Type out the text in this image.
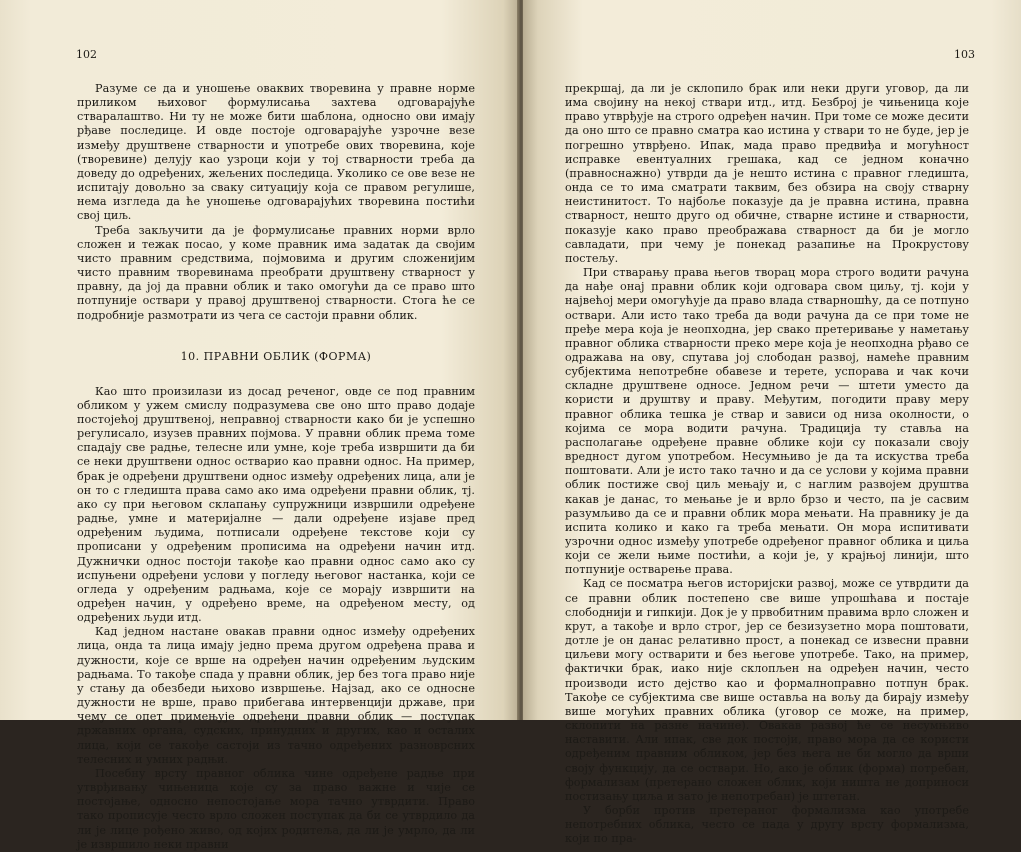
102

Разуме се да и уношење оваквих творевина у правне норме приликом њиховог формулисања захтева одговарајуће стваралаштво. Ни ту не може бити шаблона, односно ови имају рђаве последице. И овде постоје одговарајуће узрочне везе између друштвене стварности и употребе ових творевина, које (творевине) делују као узроци који у тој стварности треба да доведу до одређених, жељених последица. Уколико се ове везе не испитају довољно за сваку ситуацију која се правом регулише, нема изгледа да ће уношење одговарајућих творевина постићи свој циљ.

Треба закључити да је формулисање правних норми врло сложен и тежак посао, у коме правник има задатак да својим чисто правним средствима, појмовима и другим сложенијим чисто правним творевинама преобрати друштвену стварност у правну, да јој да правни облик и тако омогући да се право што потпуније оствари у правој друштвеној стварности. Стога ће се подробније размотрати из чега се састоји правни облик.

10. ПРАВНИ ОБЛИК (ФОРМА)

Као што произилази из досад реченог, овде се под правним обликом у ужем смислу подразумева све оно што право додаје постојећој друштвеној, неправној стварности како би је успешно регулисало, изузев правних појмова. У правни облик према томе спадају све радње, телесне или умне, које треба извршити да би се неки друштвени однос остварио као правни однос. На пример, брак је одређени друштвени однос између одређених лица, али је он то с гледишта права само ако има одређени правни облик, тј. ако су при његовом склапању супружници извршили одређене радње, умне и материјалне — дали одређене изјаве пред одређеним људима, потписали одређене текстове који су прописани у одређеним прописима на одређени начин итд. Дужнички однос постоји такође као правни однос само ако су испуњени одређени услови у погледу његовог настанка, који се огледа у одређеним радњама, које се морају извршити на одређен начин, у одређено време, на одређеном месту, од одређених људи итд.

Кад једном настане овакав правни однос између одређених лица, онда та лица имају једно према другом одређена права и дужности, које се врше на одређен начин одређеним људским радњама. То такође спада у правни облик, јер без тога право није у стању да обезбеди њихово извршење. Најзад, ако се односне дужности не врше, право прибегава интервенцији државе, при чему се опет примењује одређени правни облик — поступак државних органа, судских, принудних и других, као и осталих лица, који се такође састоји из тачно одређених разноврсних телесних и умних радњи.

Посебну врсту правног облика чине одређене радње при утврђивању чињеница које су за право важне и чије се постојање, односно непостојање мора тачно утврдити. Право тако прописује често врло сложен поступак да би се утврдило да ли је лице рођено живо, од којих родитеља, да ли је умрло, да ли је извршило неки правни

103

прекршај, да ли је склопило брак или неки други уговор, да ли има својину на некој ствари итд., итд. Безброј је чињеница које право утврђује на строго одређен начин. При томе се може десити да оно што се правно сматра као истина у ствари то не буде, јер је погрешно утврђено. Ипак, мада право предвиђа и могућност исправке евентуалних грешака, кад се једном коначно (правноснажно) утврди да је нешто истина с правног гледишта, онда се то има сматрати таквим, без обзира на своју стварну неистинитост. То најбоље показује да је правна истина, правна стварност, нешто друго од обичне, стварне истине и стварности, показује како право преображава стварност да би је могло савладати, при чему је понекад разапиње на Прокрустову постељу.

При стварању права његов творац мора строго водити рачуна да нађе онај правни облик који одговара свом циљу, тј. који у највећој мери омогућује да право влада стварношћу, да се потпуно оствари. Али исто тако треба да води рачуна да се при томе не пређе мера која је неопходна, јер свако претеривање у наметању правног облика стварности преко мере која је неопходна рђаво се одражава на ову, спутава јој слободан развој, намеће правним субјектима непотребне обавезе и терете, успорава и чак кочи складне друштвене односе. Једном речи — штети уместо да користи и друштву и праву. Међутим, погодити праву меру правног облика тешка је ствар и зависи од низа околности, о којима се мора водити рачуна. Традиција ту ставља на располагање одређене правне облике који су показали своју вредност дугом употребом. Несумњиво је да та искуства треба поштовати. Али је исто тако тачно и да се услови у којима правни облик постиже свој циљ мењају и, с наглим развојем друштва какав је данас, то мењање је и врло брзо и честo, па је сасвим разумљиво да се и правни облик мора мењати. На правнику је да испита колико и како га треба мењати. Он мора испитивати узрочни однос између употребе одређеног правног облика и циља који се жели њиме постићи, а који је, у крајњој линији, што потпуније остварење права.

Кад се посматра његов историјски развој, може се утврдити да се правни облик постепено све више упрошћава и постаје слободнији и гипкији. Док је у првобитним правима врло сложен и крут, а такође и врло строг, јер се безизузетно мора поштовати, дотле је он данас релативно прост, а понекад се извесни правни циљеви могу остварити и без његове употребе. Тако, на пример, фактички брак, иако није склопљен на одређен начин, често производи исто дејство као и формалноправно потпун брак. Такође се субјектима све више оставља на вољу да бирају између више могућих правних облика (уговор се може, на пример, склопити на разне начине). Овакав развој ће се несумњиво наставити. Али ипак, све док постоји, право мора да се користи одређеним правним обликом, јер без њега не би могло да врши своју функцију, да се оствари. Но, ако је облик (форма) потребан, формализам (претерано сложен облик, који ништа не доприноси постизању циља и зато је непотребан) је штетан.

У борби против претераног формализма као употребе непотребних облика, често се пада у другу врсту формализма, који по пра-
